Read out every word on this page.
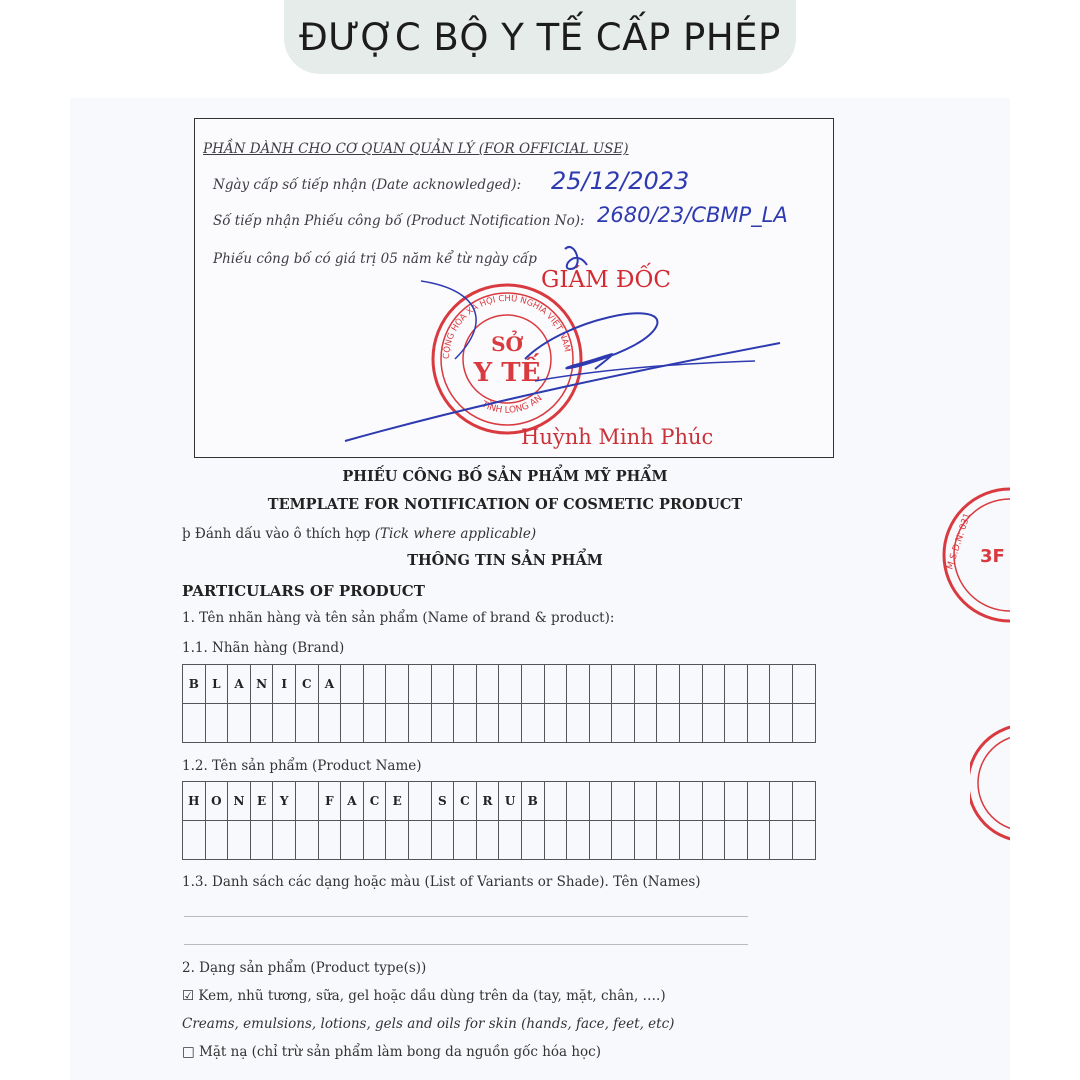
ĐƯỢC BỘ Y TẾ CẤP PHÉP
PHẦN DÀNH CHO CƠ QUAN QUẢN LÝ (FOR OFFICIAL USE)
Ngày cấp số tiếp nhận (Date acknowledged): 25/12/2023
Số tiếp nhận Phiếu công bố (Product Notification No): 2680/23/CBMP_LA
Phiếu công bố có giá trị 05 năm kể từ ngày cấp
CỘNG HÒA XÃ HỘI CHỦ NGHĨA VIỆT NAM
TỈNH LONG AN
SỞ
Y TẾ
GIÁM ĐỐC
Huỳnh Minh Phúc
PHIẾU CÔNG BỐ SẢN PHẨM MỸ PHẨM
TEMPLATE FOR NOTIFICATION OF COSMETIC PRODUCT
þ Đánh dấu vào ô thích hợp (Tick where applicable)
THÔNG TIN SẢN PHẨM
PARTICULARS OF PRODUCT
1. Tên nhãn hàng và tên sản phẩm (Name of brand & product):
1.1. Nhãn hàng (Brand)
B	L	A	N	I	C	A																					

1.2. Tên sản phẩm (Product Name)
H	O	N	E	Y		F	A	C	E		S	C	R	U	B												

1.3. Danh sách các dạng hoặc màu (List of Variants or Shade). Tên (Names)
2. Dạng sản phẩm (Product type(s))
☑ Kem, nhũ tương, sữa, gel hoặc dầu dùng trên da (tay, mặt, chân, ….)
Creams, emulsions, lotions, gels and oils for skin (hands, face, feet, etc)
□ Mặt nạ (chỉ trừ sản phẩm làm bong da nguồn gốc hóa học)
M.S.D.N: 031 3F
